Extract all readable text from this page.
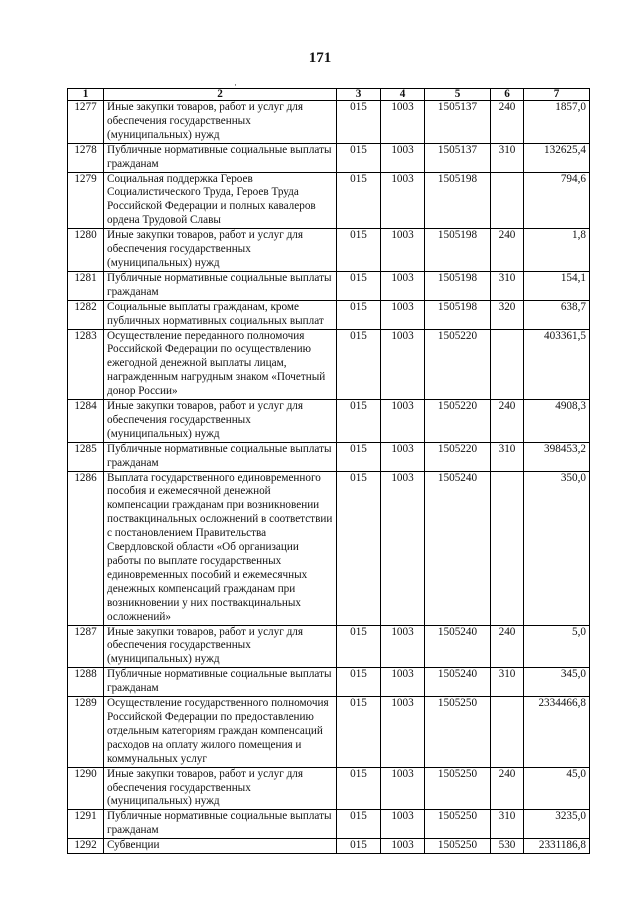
171
·
1	2	3	4	5	6	7
1277	Иные закупки товаров, работ и услуг для обеспечения государственных (муниципальных) нужд	015	1003	1505137	240	1857,0
1278	Публичные нормативные социальные выплаты гражданам	015	1003	1505137	310	132625,4
1279	Социальная поддержка Героев Социалистического Труда, Героев Труда Российской Федерации и полных кавалеров ордена Трудовой Славы	015	1003	1505198		794,6
1280	Иные закупки товаров, работ и услуг для обеспечения государственных (муниципальных) нужд	015	1003	1505198	240	1,8
1281	Публичные нормативные социальные выплаты гражданам	015	1003	1505198	310	154,1
1282	Социальные выплаты гражданам, кроме публичных нормативных социальных выплат	015	1003	1505198	320	638,7
1283	Осуществление переданного полномочия Российской Федерации по осуществлению ежегодной денежной выплаты лицам, награжденным нагрудным знаком «Почетный донор России»	015	1003	1505220		403361,5
1284	Иные закупки товаров, работ и услуг для обеспечения государственных (муниципальных) нужд	015	1003	1505220	240	4908,3
1285	Публичные нормативные социальные выплаты гражданам	015	1003	1505220	310	398453,2
1286	Выплата государственного единовременного пособия и ежемесячной денежной компенсации гражданам при возникновении поствакцинальных осложнений в соответствии с постановлением Правительства Свердловской области «Об организации работы по выплате государственных единовременных пособий и ежемесячных денежных компенсаций гражданам при возникновении у них поствакцинальных осложнений»	015	1003	1505240		350,0
1287	Иные закупки товаров, работ и услуг для обеспечения государственных (муниципальных) нужд	015	1003	1505240	240	5,0
1288	Публичные нормативные социальные выплаты гражданам	015	1003	1505240	310	345,0
1289	Осуществление государственного полномочия Российской Федерации по предоставлению отдельным категориям граждан компенсаций расходов на оплату жилого помещения и коммунальных услуг	015	1003	1505250		2334466,8
1290	Иные закупки товаров, работ и услуг для обеспечения государственных (муниципальных) нужд	015	1003	1505250	240	45,0
1291	Публичные нормативные социальные выплаты гражданам	015	1003	1505250	310	3235,0
1292	Субвенции	015	1003	1505250	530	2331186,8
